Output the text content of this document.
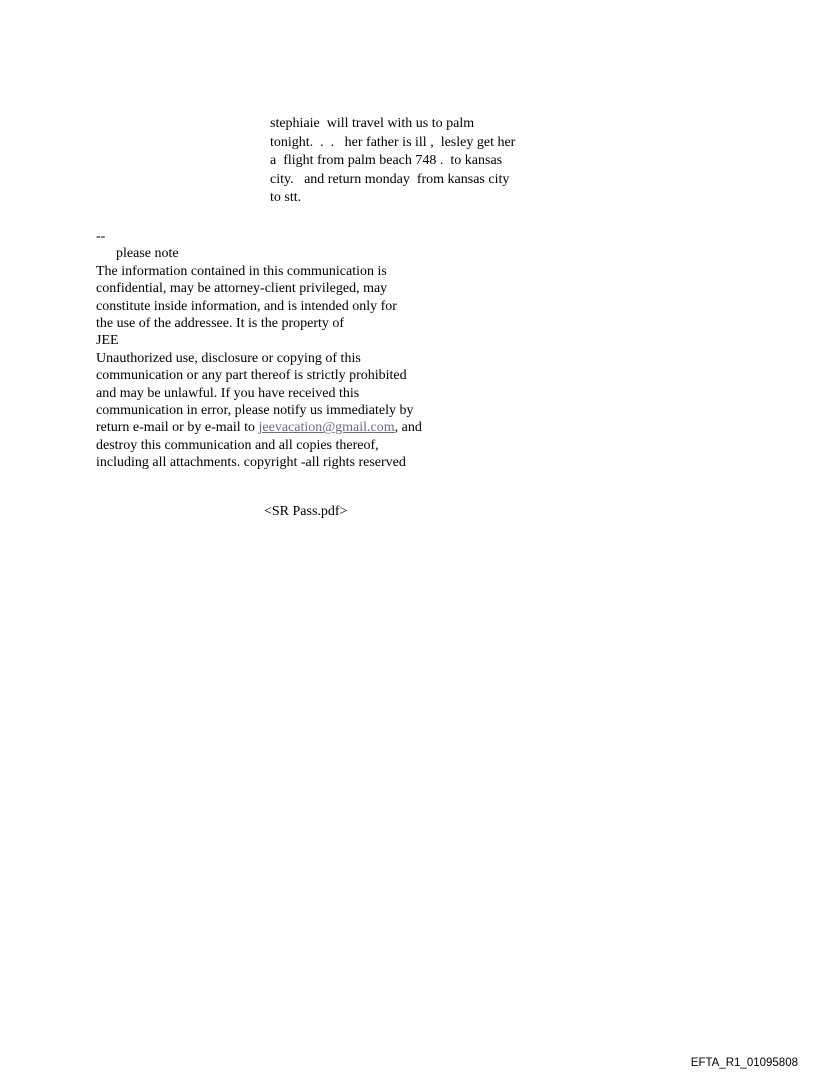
stephiaie  will travel with us to palm
tonight.  .  .   her father is ill ,  lesley get her
a  flight from palm beach 748 .  to kansas
city.   and return monday  from kansas city
to stt.
--
please note
The information contained in this communication is
confidential, may be attorney-client privileged, may
constitute inside information, and is intended only for
the use of the addressee. It is the property of
JEE
Unauthorized use, disclosure or copying of this
communication or any part thereof is strictly prohibited
and may be unlawful. If you have received this
communication in error, please notify us immediately by
return e-mail or by e-mail to jeevacation@gmail.com, and
destroy this communication and all copies thereof,
including all attachments. copyright -all rights reserved
<SR Pass.pdf>
EFTA_R1_01095808
